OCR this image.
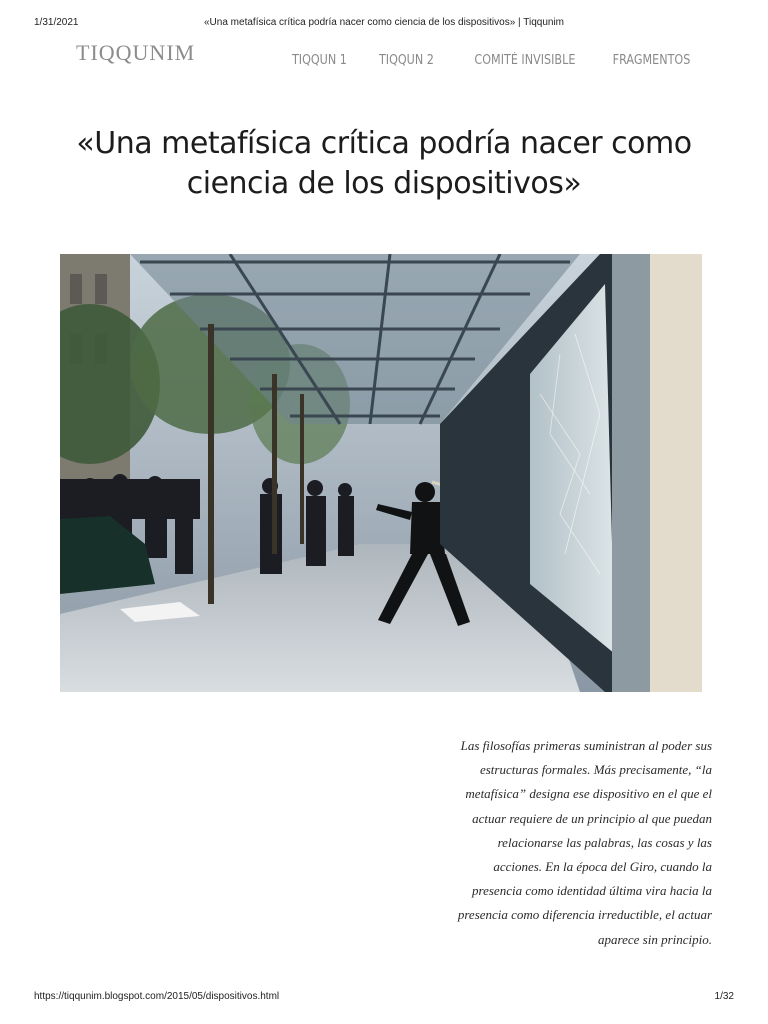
1/31/2021	«Una metafísica crítica podría nacer como ciencia de los dispositivos» | Tiqqunim
TIQQUNIM	TIQQUN 1	TIQQUN 2	COMITÉ INVISIBLE	FRAGMENTOS
«Una metafísica crítica podría nacer como ciencia de los dispositivos»
Las filosofías primeras suministran al poder sus estructuras formales. Más precisamente, “la metafísica” designa ese dispositivo en el que el actuar requiere de un principio al que puedan relacionarse las palabras, las cosas y las acciones. En la época del Giro, cuando la presencia como identidad última vira hacia la presencia como diferencia irreductible, el actuar aparece sin principio.
https://tiqqunim.blogspot.com/2015/05/dispositivos.html	1/32
